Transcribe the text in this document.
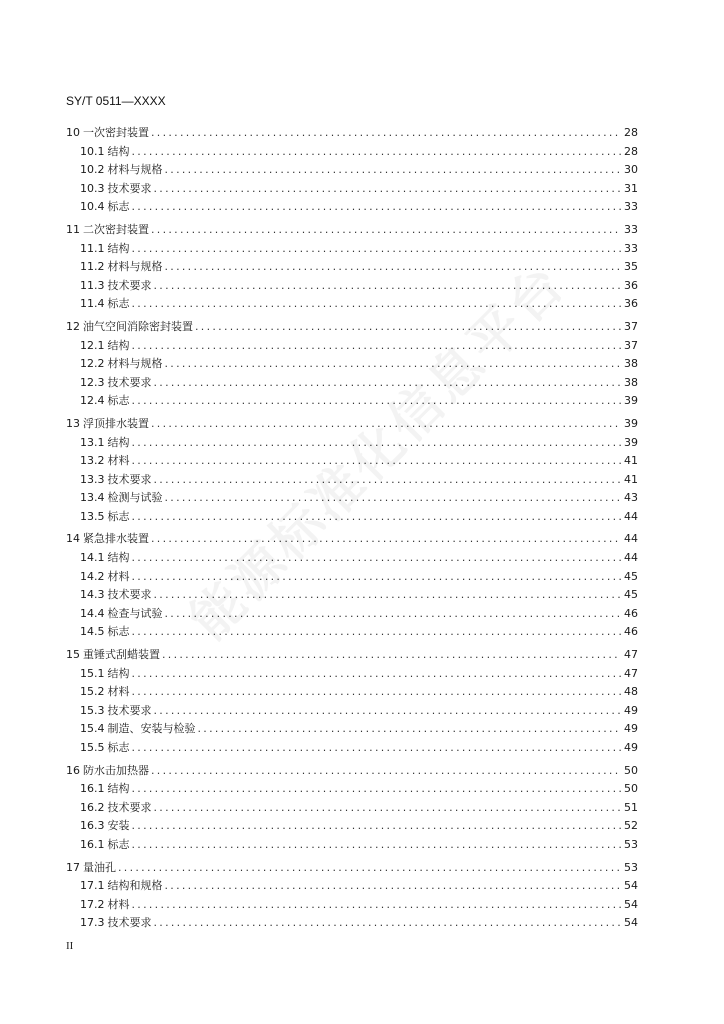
SY/T 0511—XXXX
10 一次密封装置 .....	28
10.1 结构 .....	28
10.2 材料与规格 .....	30
10.3 技术要求 .....	31
10.4 标志 .....	33
11 二次密封装置 .....	33
11.1 结构 .....	33
11.2 材料与规格 .....	35
11.3 技术要求 .....	36
11.4 标志 .....	36
12 油气空间消除密封装置 .....	37
12.1 结构 .....	37
12.2 材料与规格 .....	38
12.3 技术要求 .....	38
12.4 标志 .....	39
13 浮顶排水装置 .....	39
13.1 结构 .....	39
13.2 材料 .....	41
13.3 技术要求 .....	41
13.4 检测与试验 .....	43
13.5 标志 .....	44
14 紧急排水装置 .....	44
14.1 结构 .....	44
14.2 材料 .....	45
14.3 技术要求 .....	45
14.4 检查与试验 .....	46
14.5 标志 .....	46
15 重锤式刮蜡装置 .....	47
15.1 结构 .....	47
15.2 材料 .....	48
15.3 技术要求 .....	49
15.4 制造、安装与检验 .....	49
15.5 标志 .....	49
16 防水击加热器 .....	50
16.1 结构 .....	50
16.2 技术要求 .....	51
16.3 安装 .....	52
16.1 标志 .....	53
17 量油孔 .....	53
17.1 结构和规格 .....	54
17.2 材料 .....	54
17.3 技术要求 .....	54
II
